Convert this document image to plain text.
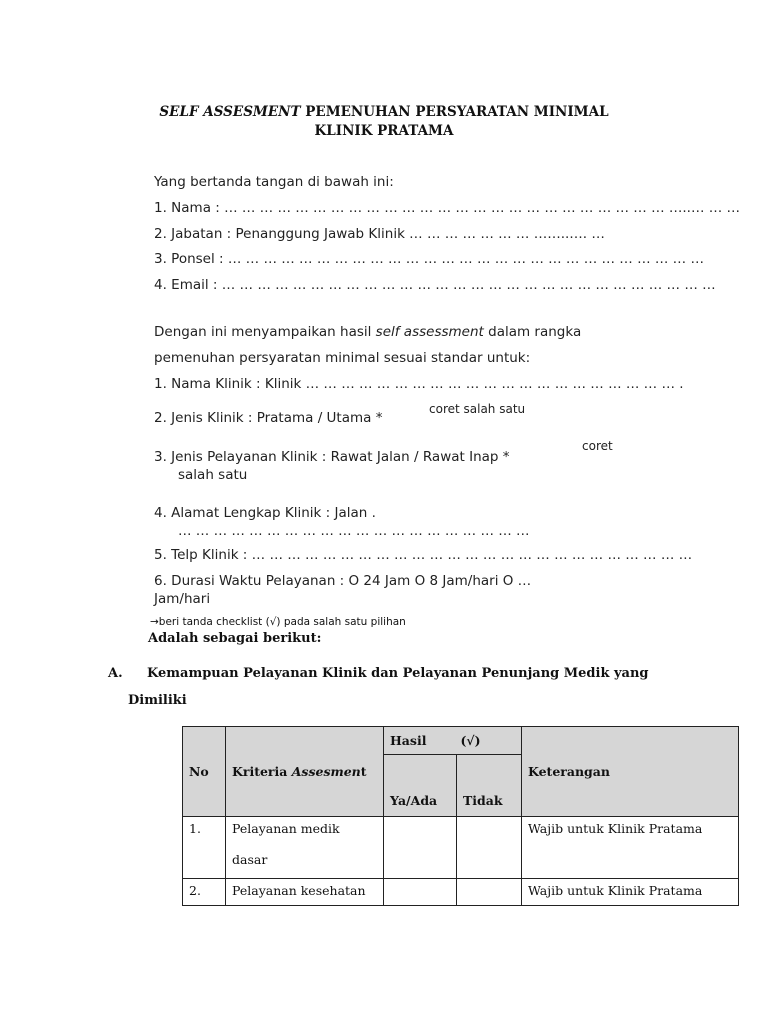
SELF ASSESMENT PEMENUHAN PERSYARATAN MINIMAL
KLINIK PRATAMA
Yang bertanda tangan di bawah ini:
1. Nama : … … … … … … … … … … … … … … … … … … … … … … … … … …..… … …
2. Jabatan : Penanggung Jawab Klinik … … … … … … … ……..…. …
3. Ponsel : … … … … … … … … … … … … … … … … … … … … … … … … … … …
4. Email : … … … … … … … … … … … … … … … … … … … … … … … … … … … …
Dengan ini menyampaikan hasil self assessment dalam rangka
pemenuhan persyaratan minimal sesuai standar untuk:
1. Nama Klinik : Klinik … … … … … … … … … … … … … … … … … … … … … .
2. Jenis Klinik : Pratama / Utama *
coret salah satu
3. Jenis Pelayanan Klinik : Rawat Jalan / Rawat Inap *
coret
salah satu
4. Alamat Lengkap Klinik : Jalan .
… … … … … … … … … … … … … … … … … … … …
5. Telp Klinik : … … … … … … … … … … … … … … … … … … … … … … … … …
6. Durasi Waktu Pelayanan : O 24 Jam O 8 Jam/hari O …
Jam/hari
→beri tanda checklist (√) pada salah satu pilihan
Adalah sebagai berikut:
A. Kemampuan Pelayanan Klinik dan Pelayanan Penunjang Medik yang
Dimiliki
No	Kriteria Assesment	Hasil (√)		Keterangan
		Ya/Ada	Tidak	
1.	Pelayanan medik
dasar			Wajib untuk Klinik Pratama
2.	Pelayanan kesehatan			Wajib untuk Klinik Pratama
